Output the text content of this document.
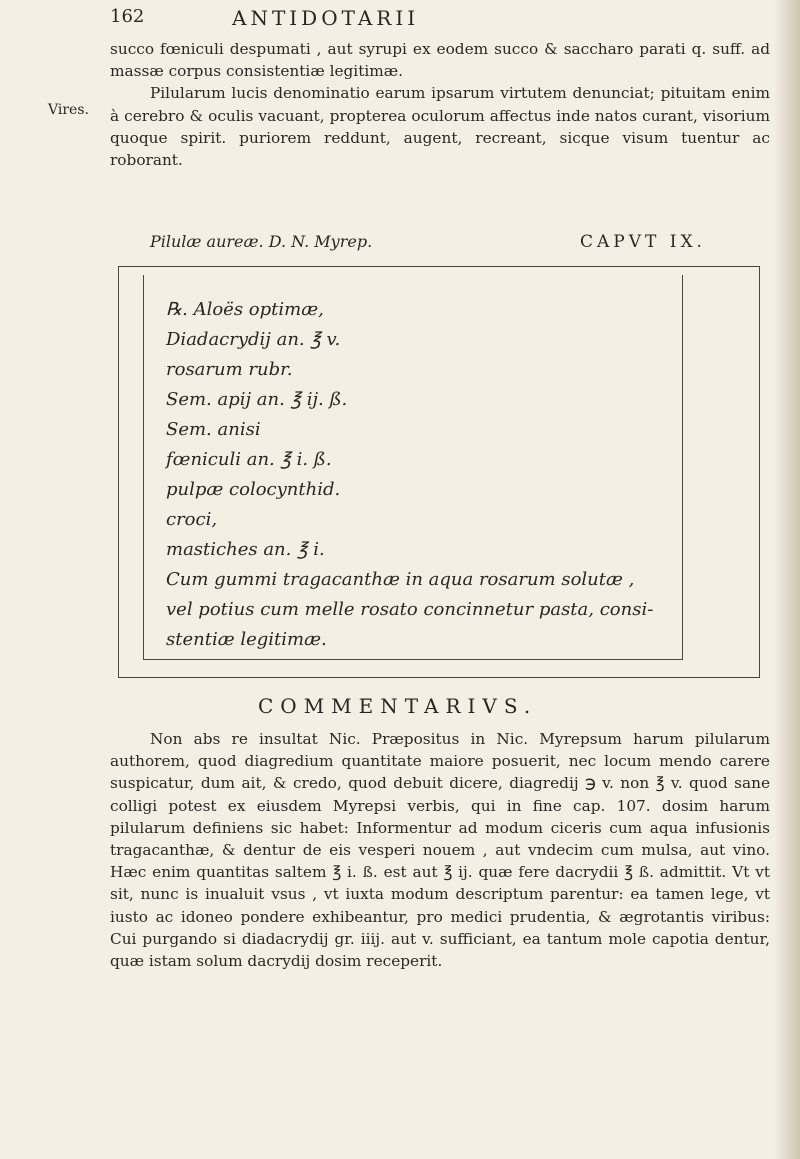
162	ANTIDOTARII
Vires.

succo fœniculi despumati , aut syrupi ex eodem succo & saccharo parati q. suff. ad massæ corpus consistentiæ legitimæ.

Pilularum lucis denominatio earum ipsarum virtutem denunciat; pituitam enim à cerebro & oculis vacuant, propterea oculorum affectus inde natos curant, visorium quoque spirit. puriorem reddunt, augent, recreant, sicque visum tuentur ac roborant.

Pilulæ aureæ. D. N. Myrep.	CAPVT IX.
℞. Aloës optimæ,
Diadacrydij an. ℥ v.
rosarum rubr.
Sem. apij an. ℥ ij. ß.
Sem. anisi
fœniculi an. ℥ i. ß.
pulpæ colocynthid.
croci,
mastiches an. ℥ i.
Cum gummi tragacanthæ in aqua rosarum solutæ ,
vel potius cum melle rosato concinnetur pasta, consi-
stentiæ legitimæ.
COMMENTARIVS.

Non abs re insultat Nic. Præpositus in Nic. Myrepsum harum pilularum authorem, quod diagredium quantitate maiore posuerit, nec locum mendo carere suspicatur, dum ait, & credo, quod debuit dicere, diagredij ℈ v. non ℥ v. quod sane colligi potest ex eiusdem Myrepsi verbis, qui in fine cap. 107. dosim harum pilularum definiens sic habet: Informentur ad modum ciceris cum aqua infusionis tragacanthæ, & dentur de eis vesperi nouem , aut vndecim cum mulsa, aut vino. Hæc enim quantitas saltem ℥ i. ß. est aut ℥ ij. quæ fere dacrydii ℥ ß. admittit. Vt vt sit, nunc is inualuit vsus , vt iuxta modum descriptum parentur: ea tamen lege, vt iusto ac idoneo pondere exhibeantur, pro medici prudentia, & ægrotantis viribus: Cui purgando si diadacrydij gr. iiij. aut v. sufficiant, ea tantum mole capotia dentur, quæ istam solum dacrydij dosim receperit.
